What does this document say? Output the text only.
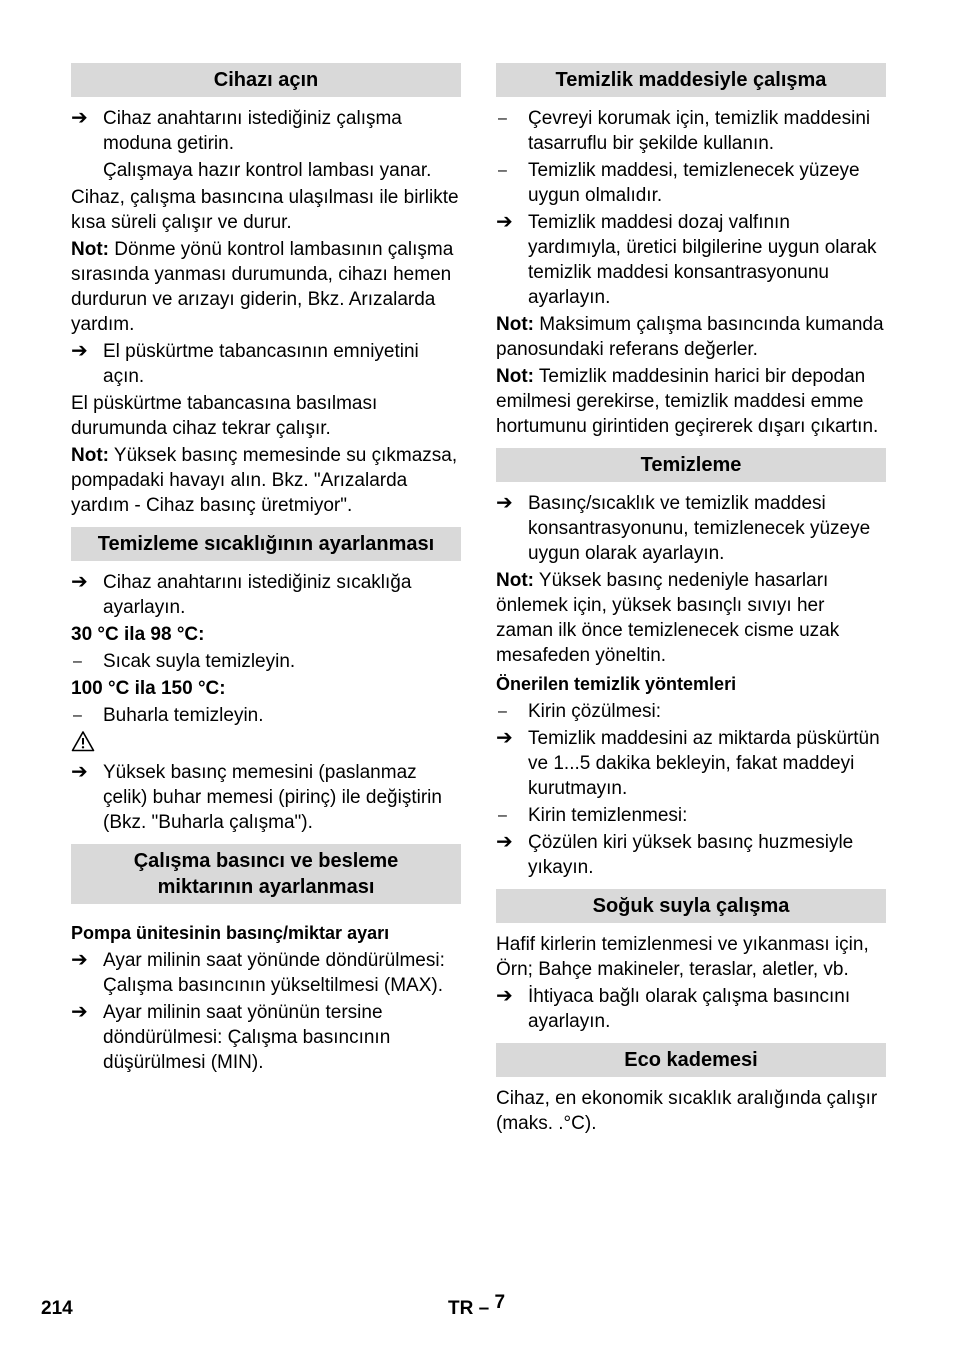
Cihazı açın
➔ Cihaz anahtarını istediğiniz çalışma moduna getirin.
Çalışmaya hazır kontrol lambası yanar.
Cihaz, çalışma basıncına ulaşılması ile birlikte kısa süreli çalışır ve durur.
Not: Dönme yönü kontrol lambasının çalışma sırasında yanması durumunda, cihazı hemen durdurun ve arızayı giderin, Bkz. Arızalarda yardım.
➔ El püskürtme tabancasının emniyetini açın.
El püskürtme tabancasına basılması durumunda cihaz tekrar çalışır.
Not: Yüksek basınç memesinde su çıkmazsa, pompadaki havayı alın. Bkz. "Arızalarda yardım - Cihaz basınç üretmiyor".
Temizleme sıcaklığının ayarlanması
➔ Cihaz anahtarını istediğiniz sıcaklığa ayarlayın.
30 °C ila 98 °C:
–	Sıcak suyla temizleyin.
100 °C ila 150 °C:
–	Buharla temizleyin.
➔ Yüksek basınç memesini (paslanmaz çelik) buhar memesi (pirinç) ile değiştirin (Bkz. "Buharla çalışma").
Çalışma basıncı ve besleme
miktarının ayarlanması
Pompa ünitesinin basınç/miktar ayarı
➔ Ayar milinin saat yönünde döndürülmesi: Çalışma basıncının yükseltilmesi (MAX).
➔ Ayar milinin saat yönünün tersine döndürülmesi: Çalışma basıncının düşürülmesi (MIN).
Temizlik maddesiyle çalışma
–	Çevreyi korumak için, temizlik maddesini tasarruflu bir şekilde kullanın.
–	Temizlik maddesi, temizlenecek yüzeye uygun olmalıdır.
➔ Temizlik maddesi dozaj valfının yardımıyla, üretici bilgilerine uygun olarak temizlik maddesi konsantrasyonunu ayarlayın.
Not: Maksimum çalışma basıncında kumanda panosundaki referans değerler.
Not: Temizlik maddesinin harici bir depodan emilmesi gerekirse, temizlik maddesi emme hortumunu girintiden geçirerek dışarı çıkartın.
Temizleme
➔ Basınç/sıcaklık ve temizlik maddesi konsantrasyonunu, temizlenecek yüzeye uygun olarak ayarlayın.
Not: Yüksek basınç nedeniyle hasarları önlemek için, yüksek basınçlı sıvıyı her zaman ilk önce temizlenecek cisme uzak mesafeden yöneltin.
Önerilen temizlik yöntemleri
–	Kirin çözülmesi:
➔ Temizlik maddesini az miktarda püskürtün ve 1...5 dakika bekleyin, fakat maddeyi kurutmayın.
–	Kirin temizlenmesi:
➔ Çözülen kiri yüksek basınç huzmesiyle yıkayın.
Soğuk suyla çalışma
Hafif kirlerin temizlenmesi ve yıkanması için, Örn; Bahçe makineler, teraslar, aletler, vb.
➔ İhtiyaca bağlı olarak çalışma basıncını ayarlayın.
Eco kademesi
Cihaz, en ekonomik sıcaklık aralığında çalışır (maks. .°C).
214	TR – 7
